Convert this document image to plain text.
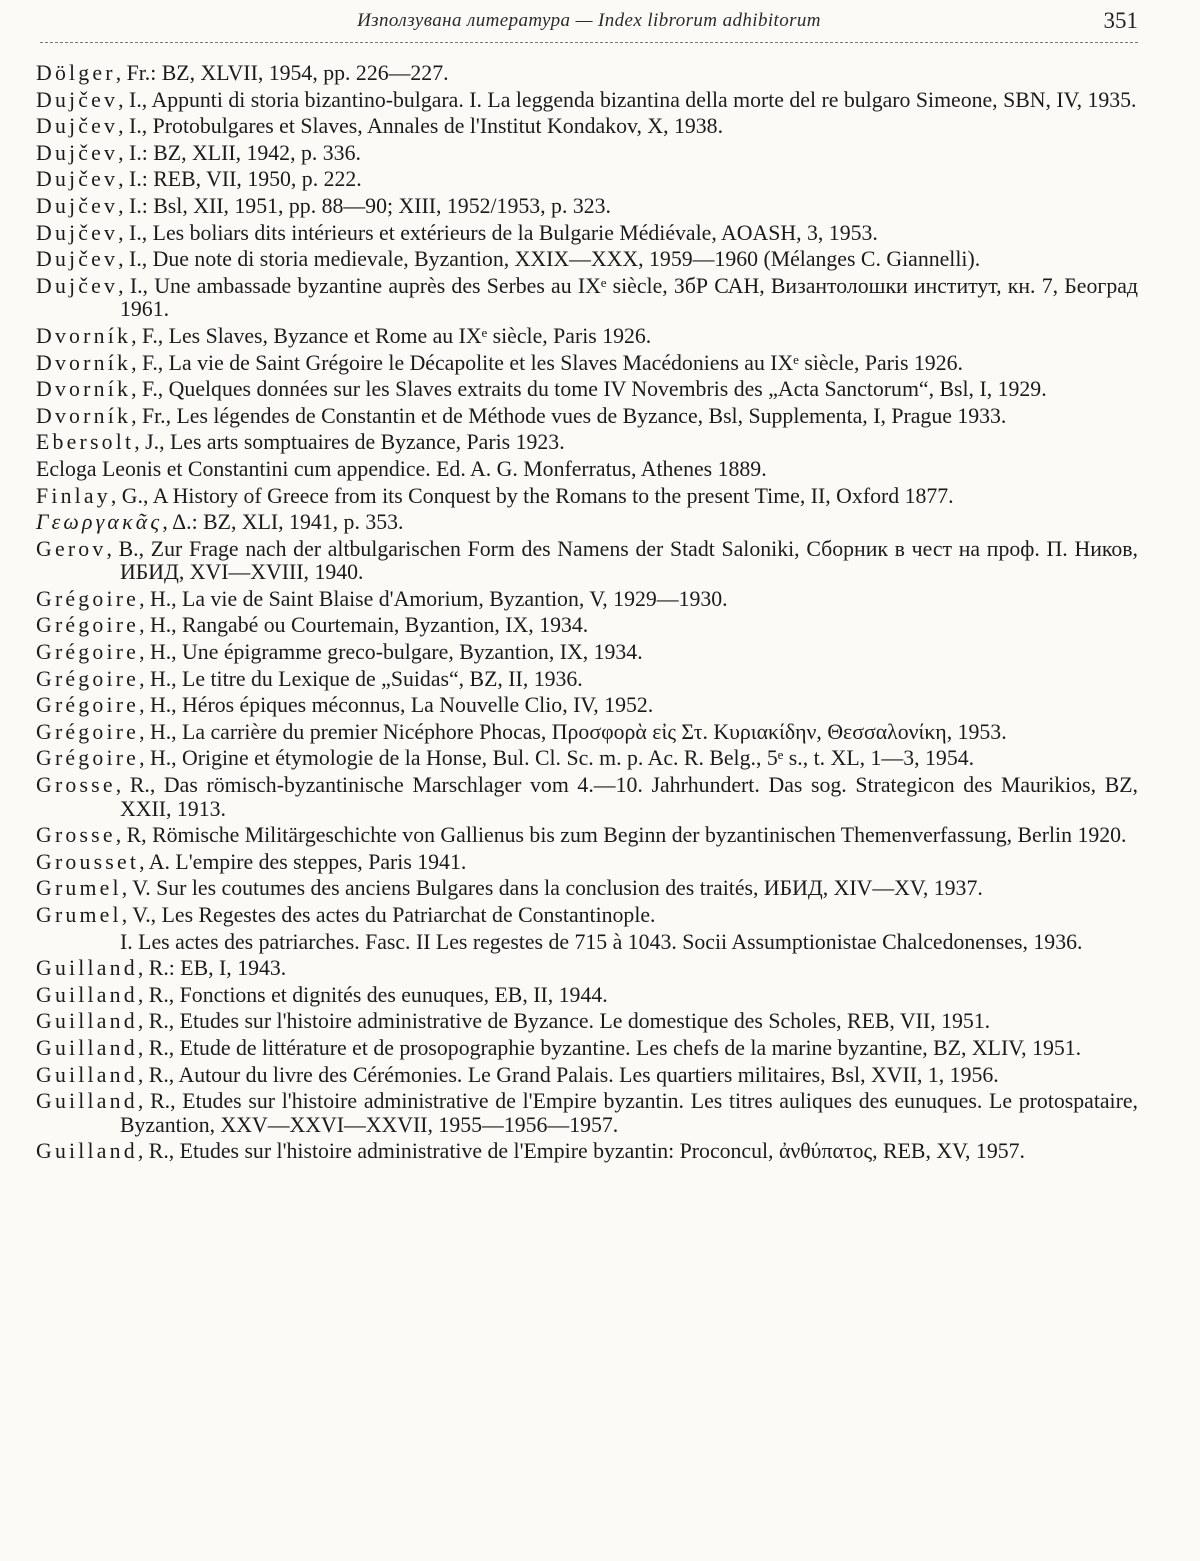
Използувана литература — Index librorum adhibitorum	351
Dölger, Fr.: BZ, XLVII, 1954, pp. 226—227.
Dujčev, I., Appunti di storia bizantino-bulgara. I. La leggenda bizantina della morte del re bulgaro Simeone, SBN, IV, 1935.
Dujčev, I., Protobulgares et Slaves, Annales de l'Institut Kondakov, X, 1938.
Dujčev, I.: BZ, XLII, 1942, p. 336.
Dujčev, I.: REB, VII, 1950, p. 222.
Dujčev, I.: Bsl, XII, 1951, pp. 88—90; XIII, 1952/1953, p. 323.
Dujčev, I., Les boliars dits intérieurs et extérieurs de la Bulgarie Médiévale, AOASH, 3, 1953.
Dujčev, I., Due note di storia medievale, Byzantion, XXIX—XXX, 1959—1960 (Mélanges C. Giannelli).
Dujčev, I., Une ambassade byzantine auprès des Serbes au IXᵉ siècle, ЗбР САН, Византолошки институт, кн. 7, Београд 1961.
Dvorník, F., Les Slaves, Byzance et Rome au IXᵉ siècle, Paris 1926.
Dvorník, F., La vie de Saint Grégoire le Décapolite et les Slaves Macédoniens au IXᵉ siècle, Paris 1926.
Dvorník, F., Quelques données sur les Slaves extraits du tome IV Novembris des „Acta Sanctorum“, Bsl, I, 1929.
Dvorník, Fr., Les légendes de Constantin et de Méthode vues de Byzance, Bsl, Supplementa, I, Prague 1933.
Ebersolt, J., Les arts somptuaires de Byzance, Paris 1923.
Ecloga Leonis et Constantini cum appendice. Ed. A. G. Monferratus, Athenes 1889.
Finlay, G., A History of Greece from its Conquest by the Romans to the present Time, II, Oxford 1877.
Γεωργακᾶς, Δ.: BZ, XLI, 1941, p. 353.
Gerov, B., Zur Frage nach der altbulgarischen Form des Namens der Stadt Saloniki, Сборник в чест на проф. П. Ников, ИБИД, XVI—XVIII, 1940.
Grégoire, H., La vie de Saint Blaise d'Amorium, Byzantion, V, 1929—1930.
Grégoire, H., Rangabé ou Courtemain, Byzantion, IX, 1934.
Grégoire, H., Une épigramme greco-bulgare, Byzantion, IX, 1934.
Grégoire, H., Le titre du Lexique de „Suidas“, BZ, II, 1936.
Grégoire, H., Héros épiques méconnus, La Nouvelle Clio, IV, 1952.
Grégoire, H., La carrière du premier Nicéphore Phocas, Προσφορὰ εἰς Στ. Κυριακίδην, Θεσσαλονίκη, 1953.
Grégoire, H., Origine et étymologie de la Honse, Bul. Cl. Sc. m. p. Ac. R. Belg., 5ᵉ s., t. XL, 1—3, 1954.
Grosse, R., Das römisch-byzantinische Marschlager vom 4.—10. Jahrhundert. Das sog. Strategicon des Maurikios, BZ, XXII, 1913.
Grosse, R, Römische Militärgeschichte von Gallienus bis zum Beginn der byzantinischen Themenverfassung, Berlin 1920.
Grousset, A. L'empire des steppes, Paris 1941.
Grumel, V. Sur les coutumes des anciens Bulgares dans la conclusion des traités, ИБИД, XIV—XV, 1937.
Grumel, V., Les Regestes des actes du Patriarchat de Constantinople.
I. Les actes des patriarches. Fasc. II Les regestes de 715 à 1043. Socii Assumptionistae Chalcedonenses, 1936.
Guilland, R.: EB, I, 1943.
Guilland, R., Fonctions et dignités des eunuques, EB, II, 1944.
Guilland, R., Etudes sur l'histoire administrative de Byzance. Le domestique des Scholes, REB, VII, 1951.
Guilland, R., Etude de littérature et de prosopographie byzantine. Les chefs de la marine byzantine, BZ, XLIV, 1951.
Guilland, R., Autour du livre des Cérémonies. Le Grand Palais. Les quartiers militaires, Bsl, XVII, 1, 1956.
Guilland, R., Etudes sur l'histoire administrative de l'Empire byzantin. Les titres auliques des eunuques. Le protospataire, Byzantion, XXV—XXVI—XXVII, 1955—1956—1957.
Guilland, R., Etudes sur l'histoire administrative de l'Empire byzantin: Proconcul, ἀνθύπατος, REB, XV, 1957.
